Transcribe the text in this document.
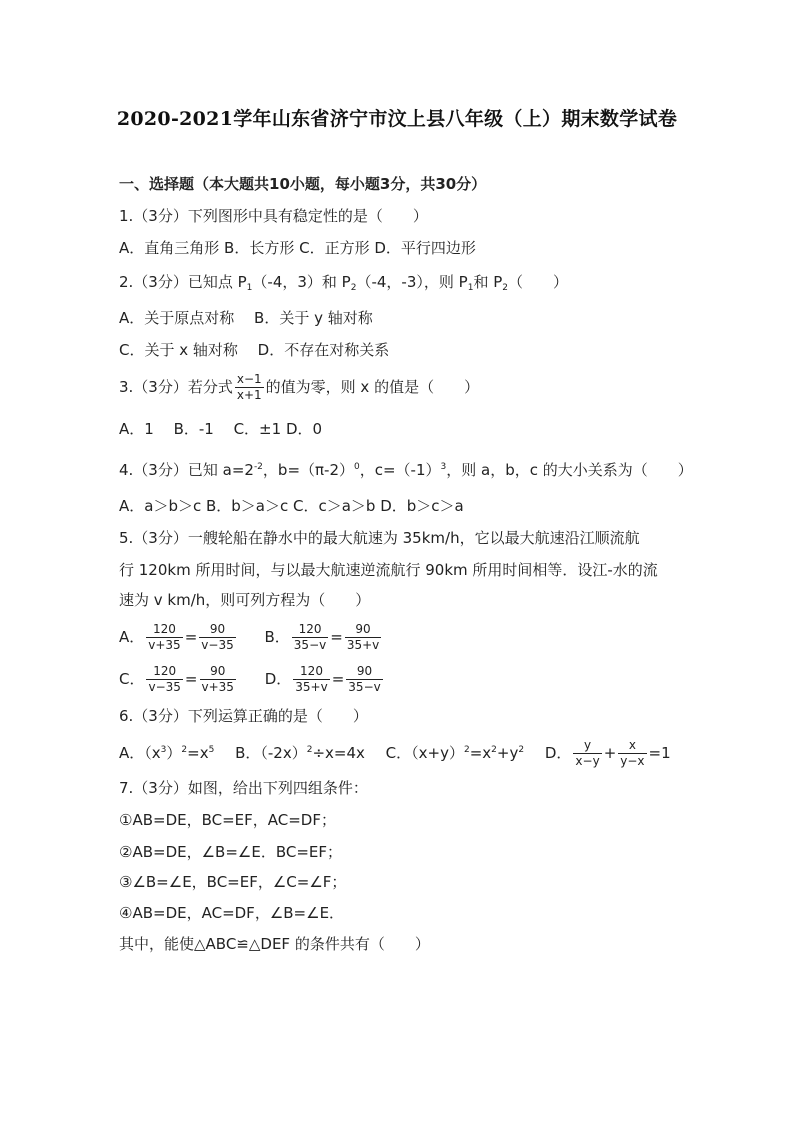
2020-2021学年山东省济宁市汶上县八年级（上）期末数学试卷
一、选择题（本大题共10小题，每小题3分，共30分）
1.（3分）下列图形中具有稳定性的是（　　）
A．直角三角形 B．长方形 C．正方形 D．平行四边形
2.（3分）已知点 $P_1(-4$，3）和 $P_2(-4$，-3），则 $P_1$和 $P_2$（　　）
A．关于原点对称　 B．关于 y 轴对称
C．关于 x 轴对称　 D．不存在对称关系
3.（3分）若分式 $\frac{x-1}{x+1}$ 的值为零，则 x 的值是（　　）
A．1　 B．-1　 C．±1 D．0
4.（3分）已知 $a=2^{-2}$，$b=(\pi-2)^0$，$c=(-1)^3$，则 a，b，c 的大小关系为（　　）
A．a＞b＞c B．b＞a＞c C．c＞a＞b D．b＞c＞a
5.（3分）一艘轮船在静水中的最大航速为 35km/h，它以最大航速沿江顺流航
行 120km 所用时间，与以最大航速逆流航行 90km 所用时间相等．设江‐水的流
速为 v km/h，则可列方程为（　　）
A． $\frac{120}{v+35} = \frac{90}{v-35}$
B． $\frac{120}{35-v} = \frac{90}{35+v}$
C． $\frac{120}{v-35} = \frac{90}{v+35}$
D． $\frac{120}{35+v} = \frac{90}{35-v}$
6.（3分）下列运算正确的是（　　）
A．$(x^3)^2=x^5$ B．$(-2x)^2\div x=4x$ C．$(x+y)^2=x^2+y^2$ D． $\frac{y}{x-y} + \frac{x}{y-x} =1$
7.（3分）如图，给出下列四组条件：
①AB=DE，BC=EF，AC=DF；
②AB=DE，∠B=∠E．BC=EF；
③∠B=∠E，BC=EF，∠C=∠F；
④AB=DE，AC=DF，∠B=∠E．
其中，能使△ABC≌△DEF 的条件共有（　　）
